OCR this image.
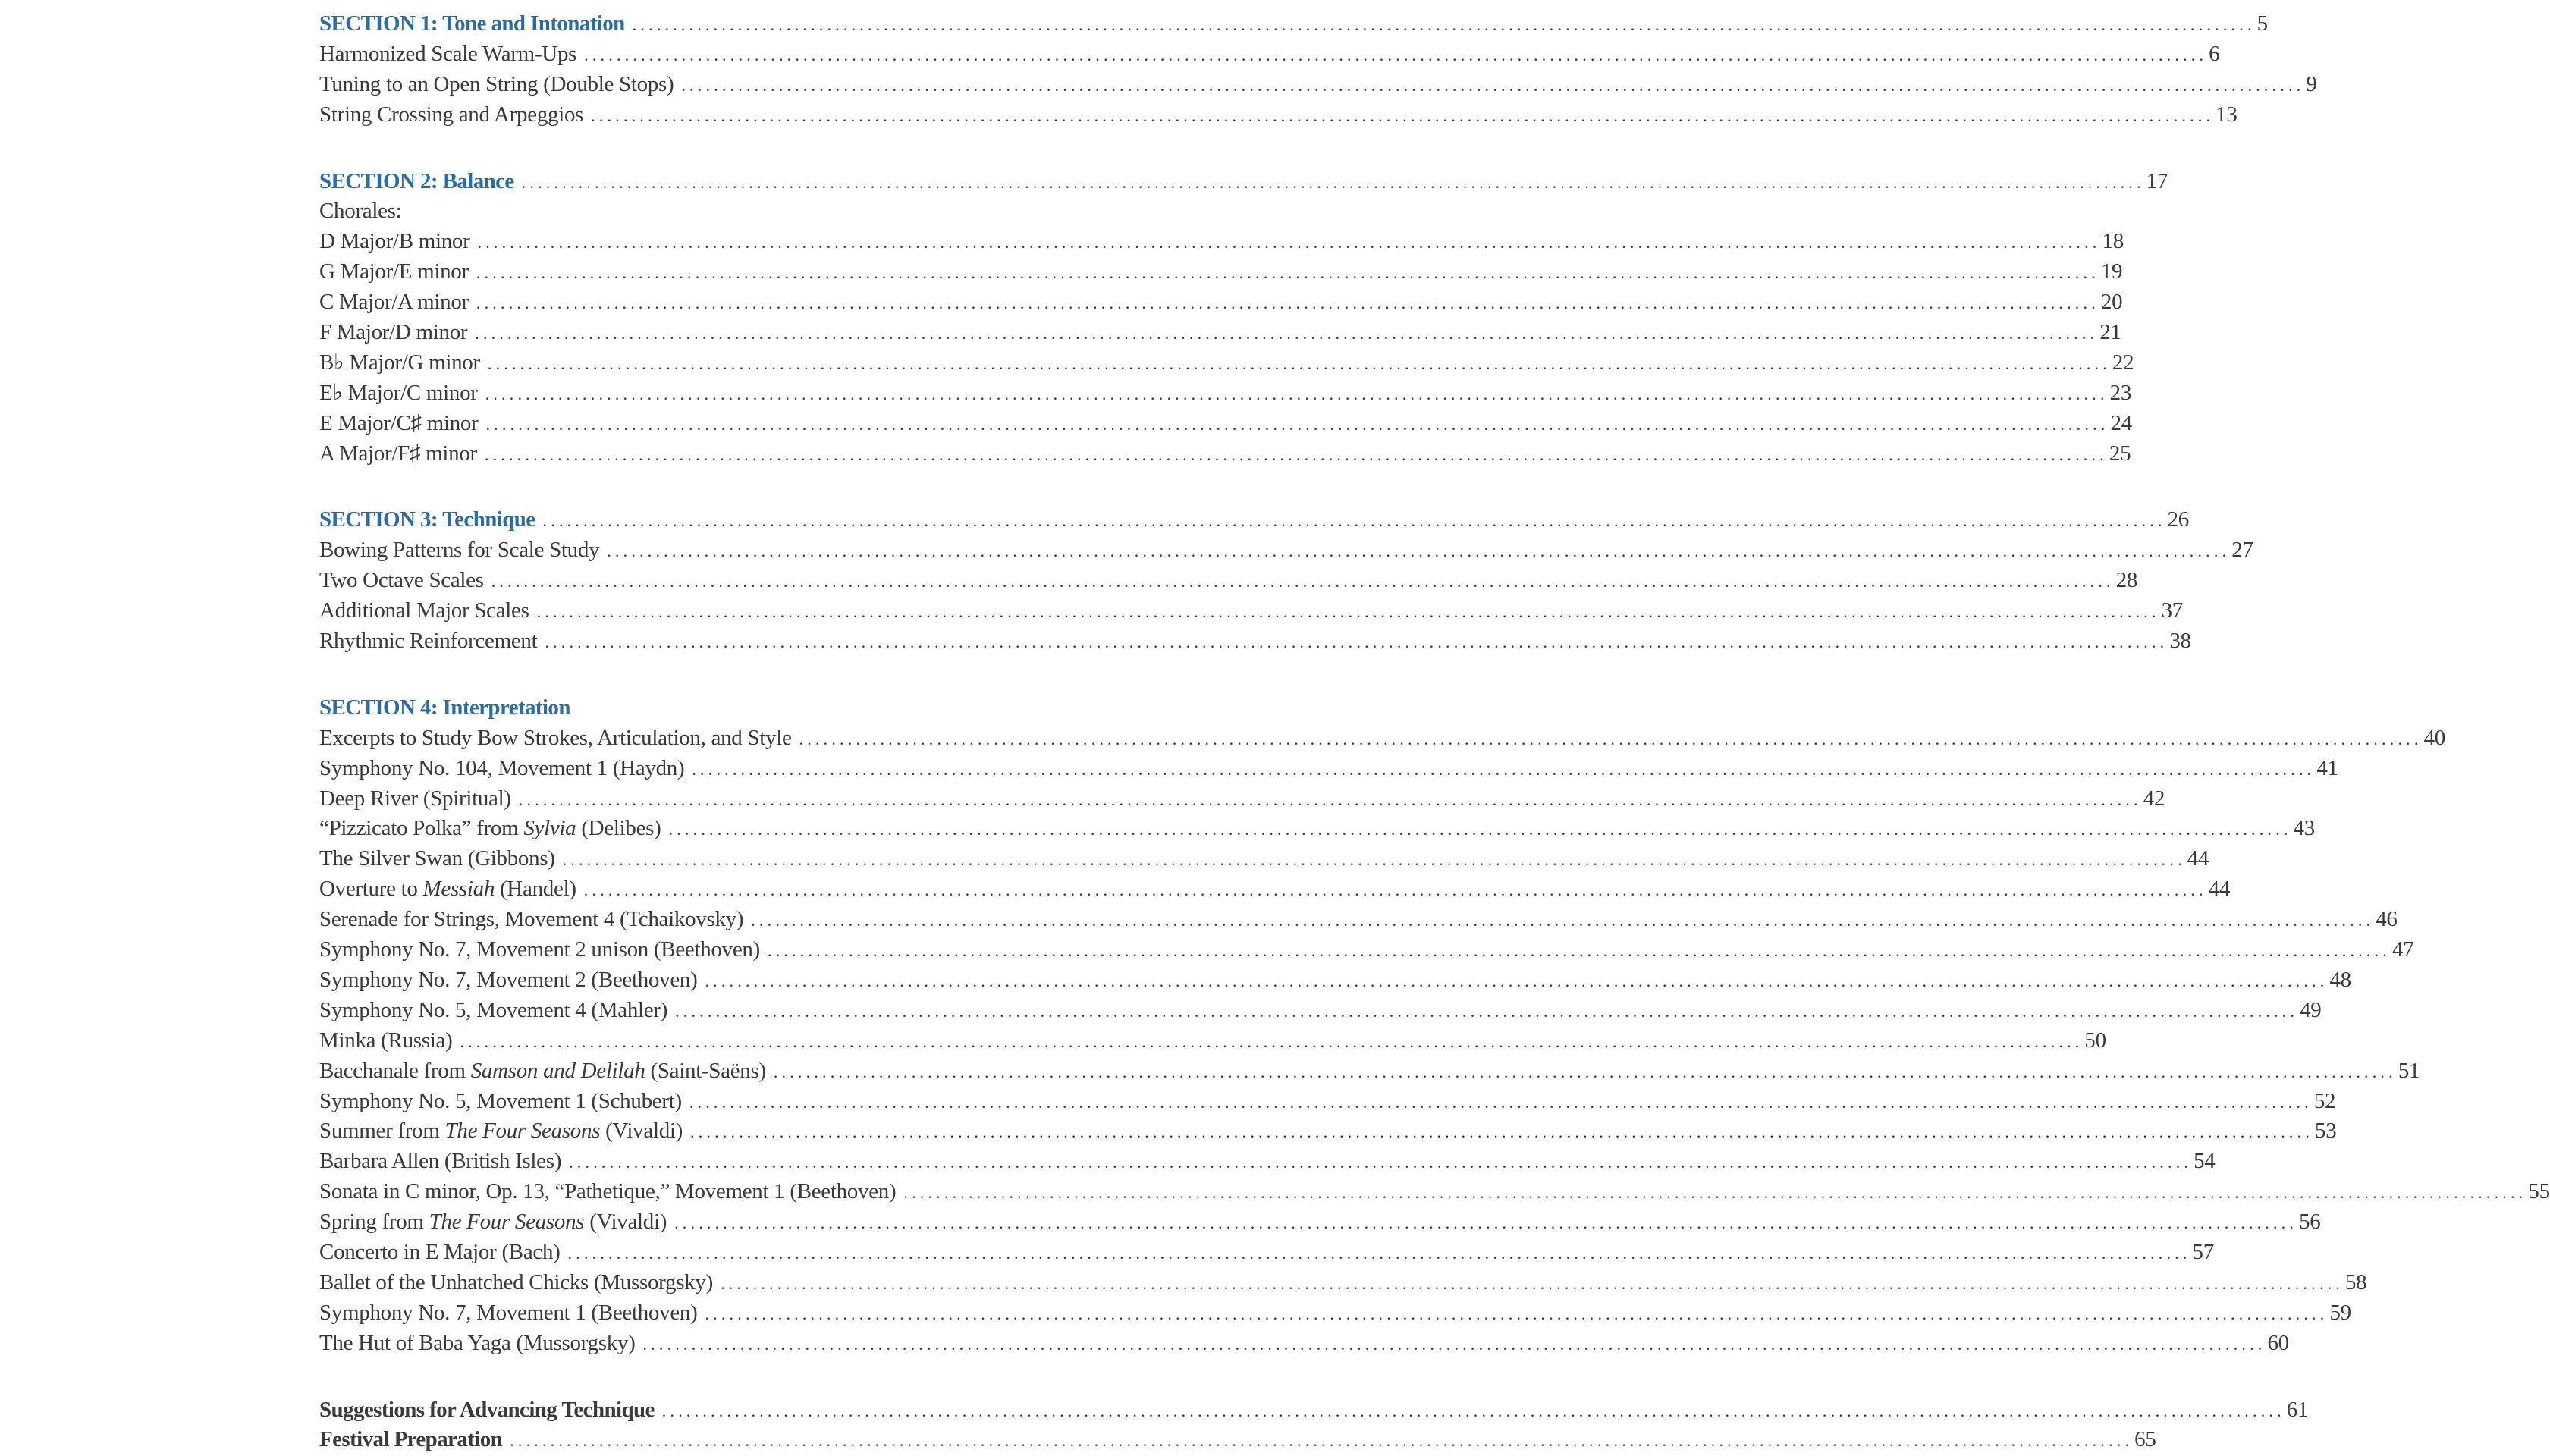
SECTION 1: Tone and Intonation ........................................................................................................................................................................................................ 5
Harmonized Scale Warm-Ups ........................................................................................................................................................................................................ 6
Tuning to an Open String (Double Stops) ........................................................................................................................................................................................................ 9
String Crossing and Arpeggios ........................................................................................................................................................................................................ 13
SECTION 2: Balance ........................................................................................................................................................................................................ 17
Chorales:
D Major/B minor ........................................................................................................................................................................................................ 18
G Major/E minor ........................................................................................................................................................................................................ 19
C Major/A minor ........................................................................................................................................................................................................ 20
F Major/D minor ........................................................................................................................................................................................................ 21
B♭ Major/G minor ........................................................................................................................................................................................................ 22
E♭ Major/C minor ........................................................................................................................................................................................................ 23
E Major/C♯ minor ........................................................................................................................................................................................................ 24
A Major/F♯ minor ........................................................................................................................................................................................................ 25
SECTION 3: Technique ........................................................................................................................................................................................................ 26
Bowing Patterns for Scale Study ........................................................................................................................................................................................................ 27
Two Octave Scales ........................................................................................................................................................................................................ 28
Additional Major Scales ........................................................................................................................................................................................................ 37
Rhythmic Reinforcement ........................................................................................................................................................................................................ 38
SECTION 4: Interpretation
Excerpts to Study Bow Strokes, Articulation, and Style ........................................................................................................................................................................................................ 40
Symphony No. 104, Movement 1 (Haydn) ........................................................................................................................................................................................................ 41
Deep River (Spiritual) ........................................................................................................................................................................................................ 42
“Pizzicato Polka” from Sylvia (Delibes) ........................................................................................................................................................................................................ 43
The Silver Swan (Gibbons) ........................................................................................................................................................................................................ 44
Overture to Messiah (Handel) ........................................................................................................................................................................................................ 44
Serenade for Strings, Movement 4 (Tchaikovsky) ........................................................................................................................................................................................................ 46
Symphony No. 7, Movement 2 unison (Beethoven) ........................................................................................................................................................................................................ 47
Symphony No. 7, Movement 2 (Beethoven) ........................................................................................................................................................................................................ 48
Symphony No. 5, Movement 4 (Mahler) ........................................................................................................................................................................................................ 49
Minka (Russia) ........................................................................................................................................................................................................ 50
Bacchanale from Samson and Delilah (Saint-Saëns) ........................................................................................................................................................................................................ 51
Symphony No. 5, Movement 1 (Schubert) ........................................................................................................................................................................................................ 52
Summer from The Four Seasons (Vivaldi) ........................................................................................................................................................................................................ 53
Barbara Allen (British Isles) ........................................................................................................................................................................................................ 54
Sonata in C minor, Op. 13, “Pathetique,” Movement 1 (Beethoven) ........................................................................................................................................................................................................ 55
Spring from The Four Seasons (Vivaldi) ........................................................................................................................................................................................................ 56
Concerto in E Major (Bach) ........................................................................................................................................................................................................ 57
Ballet of the Unhatched Chicks (Mussorgsky) ........................................................................................................................................................................................................ 58
Symphony No. 7, Movement 1 (Beethoven) ........................................................................................................................................................................................................ 59
The Hut of Baba Yaga (Mussorgsky) ........................................................................................................................................................................................................ 60
Suggestions for Advancing Technique ........................................................................................................................................................................................................ 61
Festival Preparation ........................................................................................................................................................................................................ 65
